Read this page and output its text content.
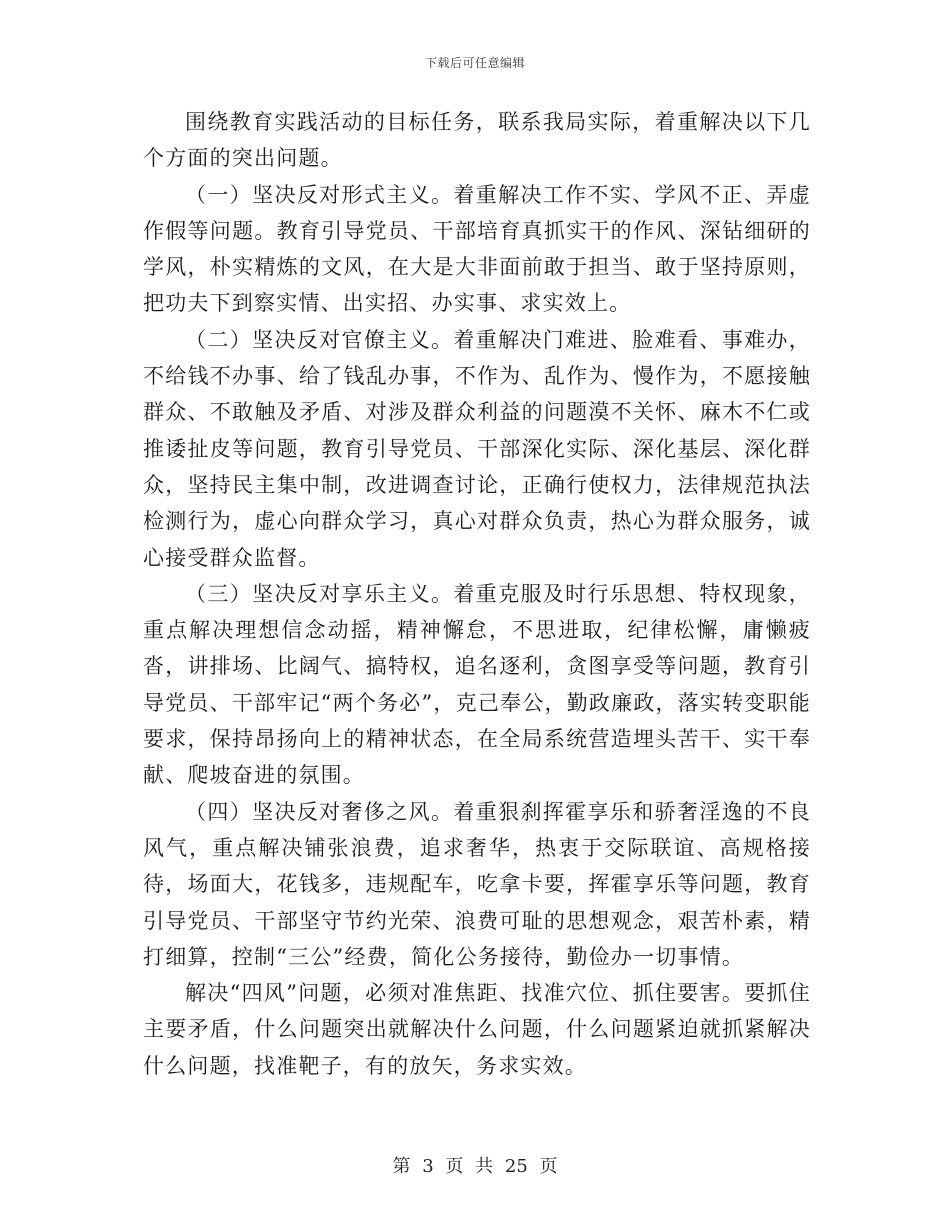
下载后可任意编辑

围绕教育实践活动的目标任务，联系我局实际，着重解决以下几个方面的突出问题。

（一）坚决反对形式主义。着重解决工作不实、学风不正、弄虚作假等问题。教育引导党员、干部培育真抓实干的作风、深钻细研的学风，朴实精炼的文风，在大是大非面前敢于担当、敢于坚持原则，把功夫下到察实情、出实招、办实事、求实效上。

（二）坚决反对官僚主义。着重解决门难进、脸难看、事难办，不给钱不办事、给了钱乱办事，不作为、乱作为、慢作为，不愿接触群众、不敢触及矛盾、对涉及群众利益的问题漠不关怀、麻木不仁或推诿扯皮等问题，教育引导党员、干部深化实际、深化基层、深化群众，坚持民主集中制，改进调查讨论，正确行使权力，法律规范执法检测行为，虚心向群众学习，真心对群众负责，热心为群众服务，诚心接受群众监督。

（三）坚决反对享乐主义。着重克服及时行乐思想、特权现象，重点解决理想信念动摇，精神懈怠，不思进取，纪律松懈，庸懒疲沓，讲排场、比阔气、搞特权，追名逐利，贪图享受等问题，教育引导党员、干部牢记“两个务必”，克己奉公，勤政廉政，落实转变职能要求，保持昂扬向上的精神状态，在全局系统营造埋头苦干、实干奉献、爬坡奋进的氛围。

（四）坚决反对奢侈之风。着重狠刹挥霍享乐和骄奢淫逸的不良风气，重点解决铺张浪费，追求奢华，热衷于交际联谊、高规格接待，场面大，花钱多，违规配车，吃拿卡要，挥霍享乐等问题，教育引导党员、干部坚守节约光荣、浪费可耻的思想观念，艰苦朴素，精打细算，控制“三公”经费，简化公务接待，勤俭办一切事情。

解决“四风”问题，必须对准焦距、找准穴位、抓住要害。要抓住主要矛盾，什么问题突出就解决什么问题，什么问题紧迫就抓紧解决什么问题，找准靶子，有的放矢，务求实效。

第 3 页 共 25 页
